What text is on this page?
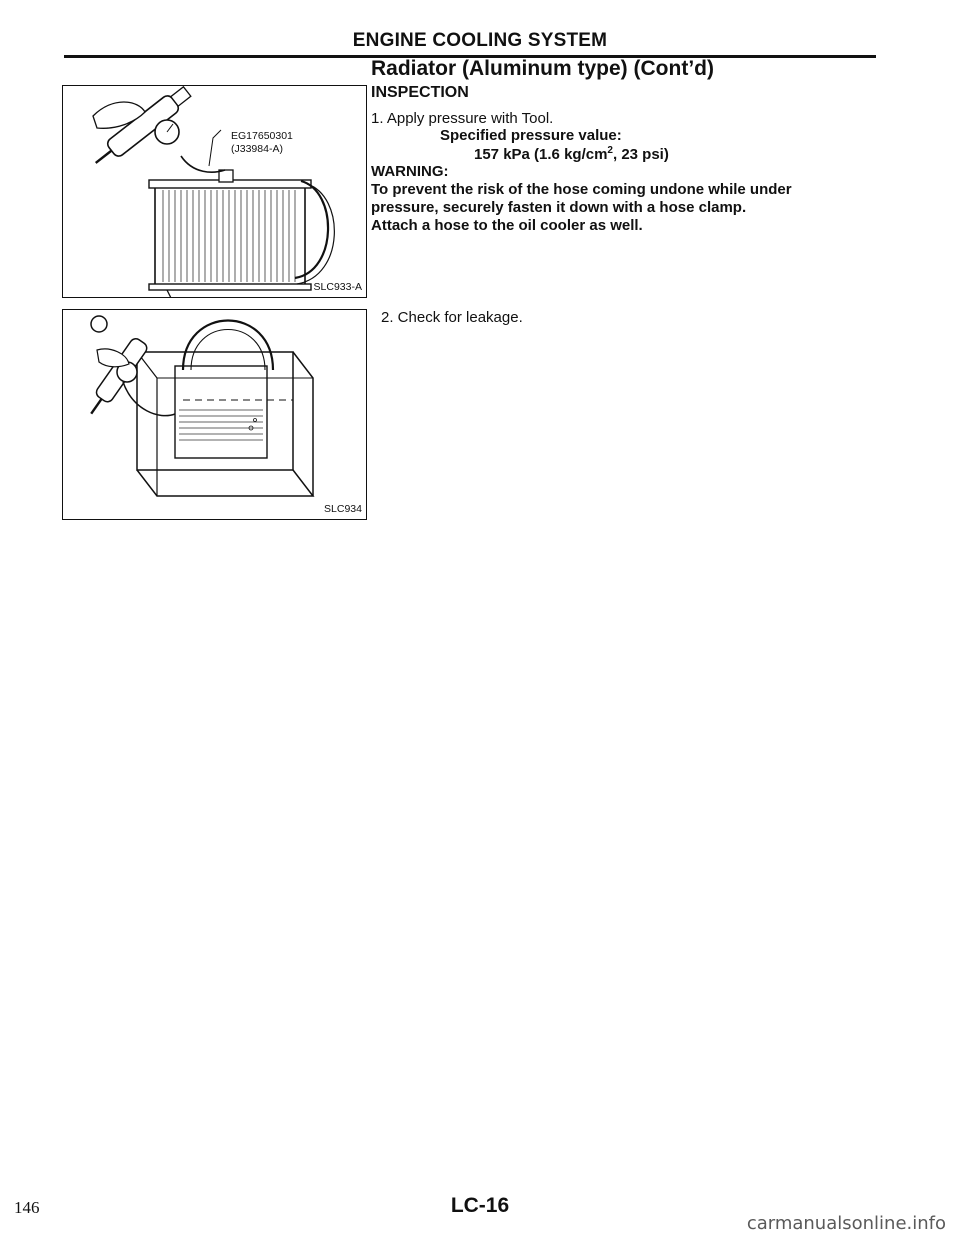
ENGINE COOLING SYSTEM
Radiator (Aluminum type) (Cont’d)
INSPECTION
1. Apply pressure with Tool.
Specified pressure value:
157 kPa (1.6 $kg/cm^2$, 23 psi)
WARNING:
To prevent the risk of the hose coming undone while under
pressure, securely fasten it down with a hose clamp.
Attach a hose to the oil cooler as well.
2. Check for leakage.
EG17650301
(J33984-A)
SLC933-A
SLC934
146	LC-16
carmanualsonline.info
